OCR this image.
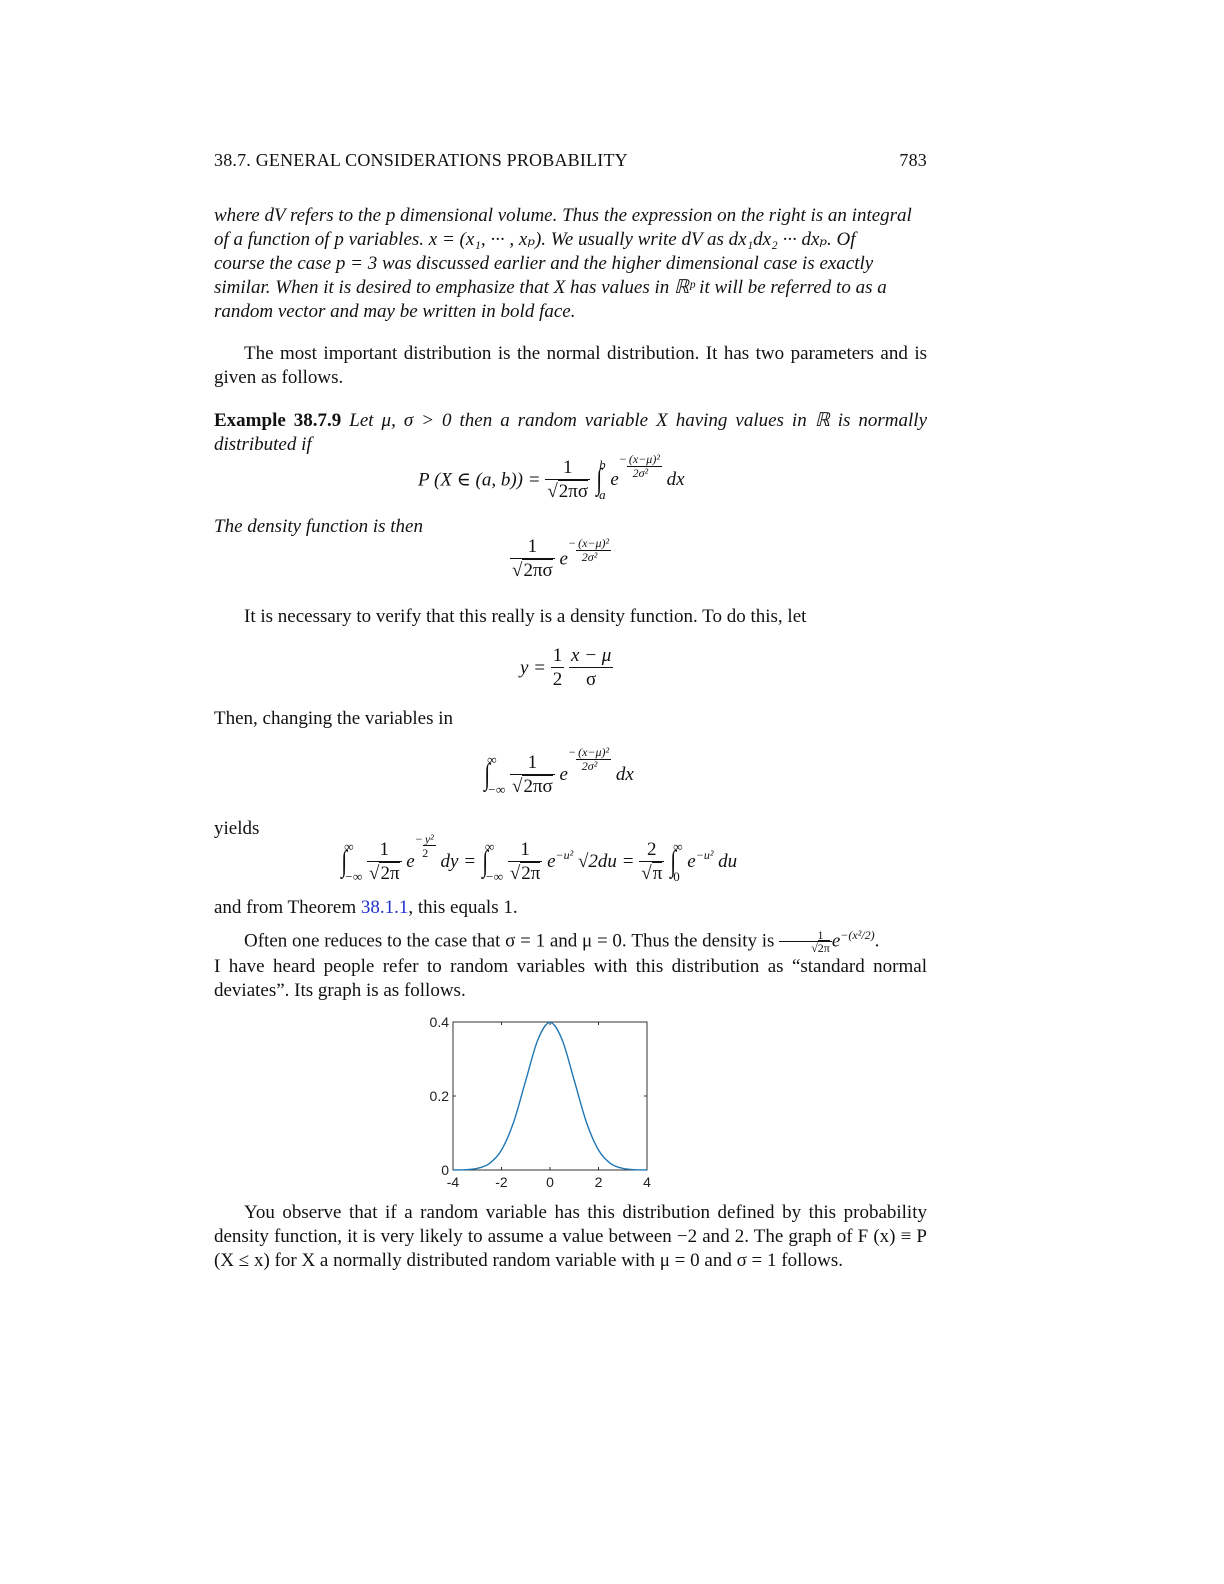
38.7. GENERAL CONSIDERATIONS PROBABILITY	783
where dV refers to the p dimensional volume. Thus the expression on the right is an integral
of a function of p variables. x = (x₁, ··· , xₚ). We usually write dV as dx₁dx₂ ··· dxₚ. Of
course the case p = 3 was discussed earlier and the higher dimensional case is exactly
similar. When it is desired to emphasize that X has values in ℝᵖ it will be referred to as a
random vector and may be written in bold face.

The most important distribution is the normal distribution. It has two parameters and is given as follows.

Example 38.7.9 Let μ, σ > 0 then a random variable X having values in ℝ is normally distributed if

P (X ∈ (a, $b)) = \frac{1}{√2\pi\sigma}$ ∫
b
a
e− (x−μ)²

2σ² dx

The density function is then

$\frac{1}{√2\pi\sigma} e- (x-\mu)^2$

2σ²

It is necessary to verify that this really is a density function. To do this, let

$y = \frac{1}{2}$
$\frac{x - \mu}{\sigma}$

Then, changing the variables in

∫
∞
−∞
$\frac{1}{√2\pi\sigma} e- (x-\mu)^2$

2σ² dx

yields

∫
∞
−∞
$\frac{1}{√2\pi} e- y^2$

2 dy = ∫
∞
−∞
$\frac{1}{√2\pi} e^{-u^2}$ $√2du = \frac{2}{√\pi}$ ∫
∞
0
$e^{-u^2}$ du

and from Theorem 38.1.1, this equals 1.

Often one reduces to the case that σ = 1 and μ = 0. Thus the density is $\frac{1}{√2\pi} e^{-(x^2/2)}$.
I have heard people refer to random variables with this distribution as “standard normal deviates”. Its graph is as follows.
-4	-2	0	2	4
0
0.2
0.4

You observe that if a random variable has this distribution defined by this probability density function, it is very likely to assume a value between −2 and 2. The graph of F (x) ≡ P (X ≤ x) for X a normally distributed random variable with μ = 0 and σ = 1 follows.
